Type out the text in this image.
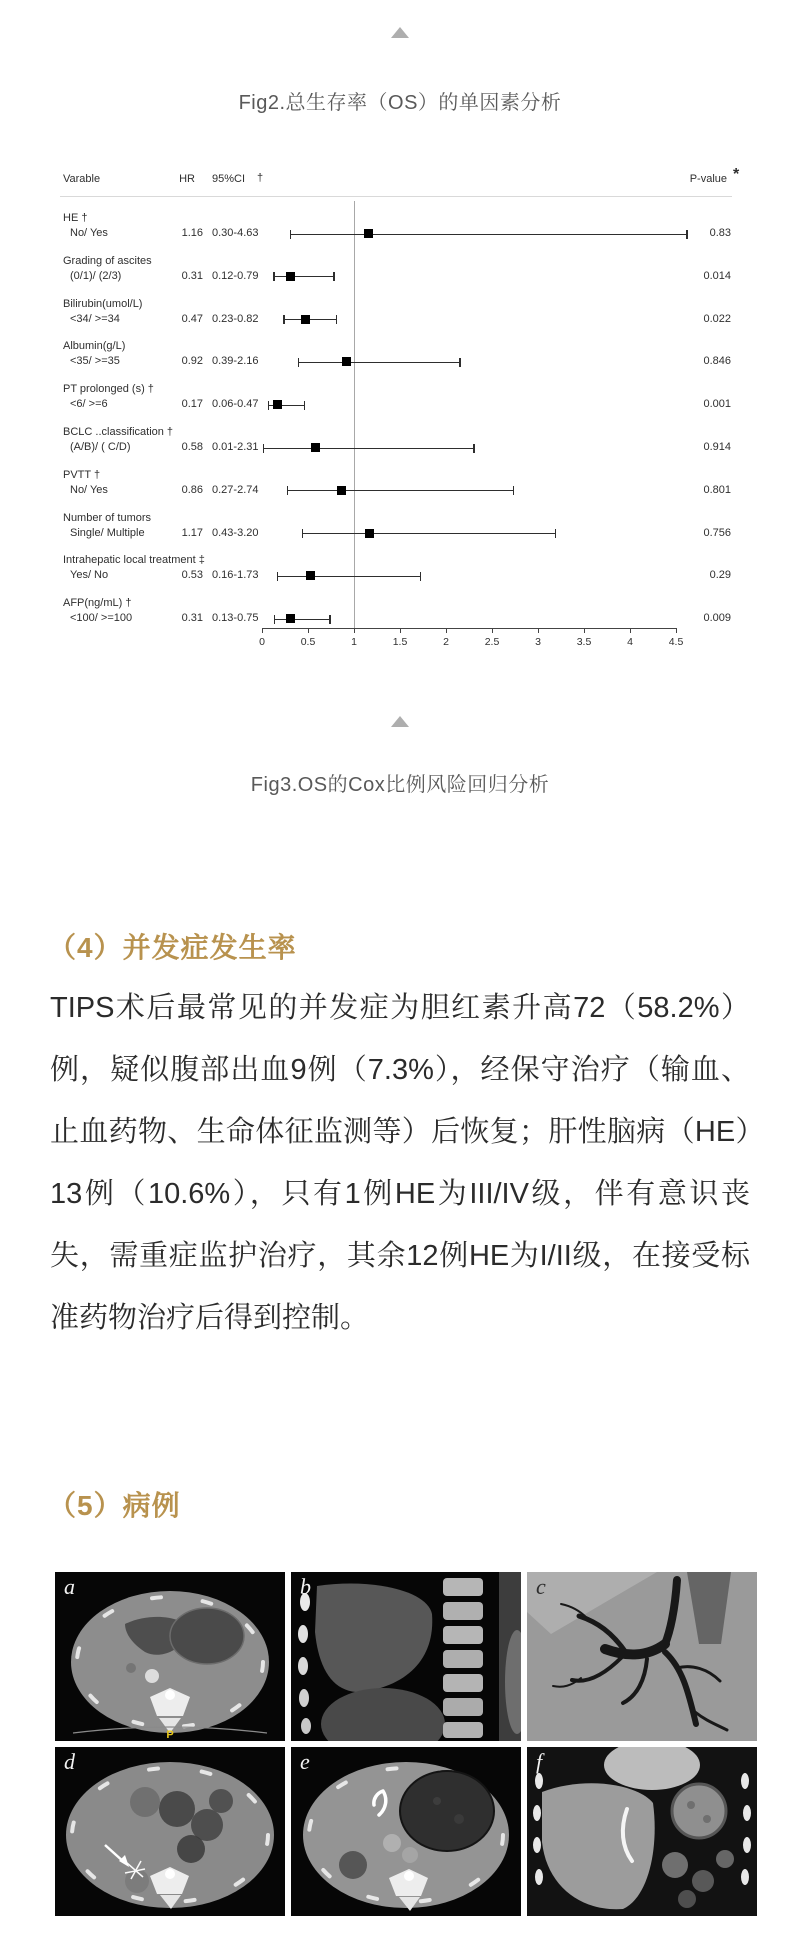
Fig2.总生存率（OS）的单因素分析
Varable	HR 95%CI †	P-value *
HE †
No/ Yes	1.16 0.30-4.63	0.83
Grading of ascites
(0/1)/ (2/3)	0.31 0.12-0.79	0.014
Bilirubin(umol/L)
<34/ >=34	0.47 0.23-0.82	0.022
Albumin(g/L)
<35/ >=35	0.92 0.39-2.16	0.846
PT prolonged (s) †
<6/ >=6	0.17 0.06-0.47	0.001
BCLC ..classification †
(A/B)/ ( C/D)	0.58 0.01-2.31	0.914
PVTT †
No/ Yes	0.86 0.27-2.74	0.801
Number of tumors
Single/ Multiple	1.17 0.43-3.20	0.756
Intrahepatic local treatment ‡
Yes/ No	0.53 0.16-1.73	0.29
AFP(ng/mL) †
<100/ >=100	0.31 0.13-0.75	0.009
0	0.5	1	1.5	2	2.5	3	3.5	4	4.5
Fig3.OS的Cox比例风险回归分析
（4）并发症发生率

TIPS术后最常见的并发症为胆红素升高72（58.2%）例，疑似腹部出血9例（7.3%），经保守治疗（输血、止血药物、生命体征监测等）后恢复；肝性脑病（HE）13例（10.6%），只有1例HE为III/IV级，伴有意识丧失，需重症监护治疗，其余12例HE为I/II级，在接受标准药物治疗后得到控制。

（5）病例
a
P
b	c
d	e	f
